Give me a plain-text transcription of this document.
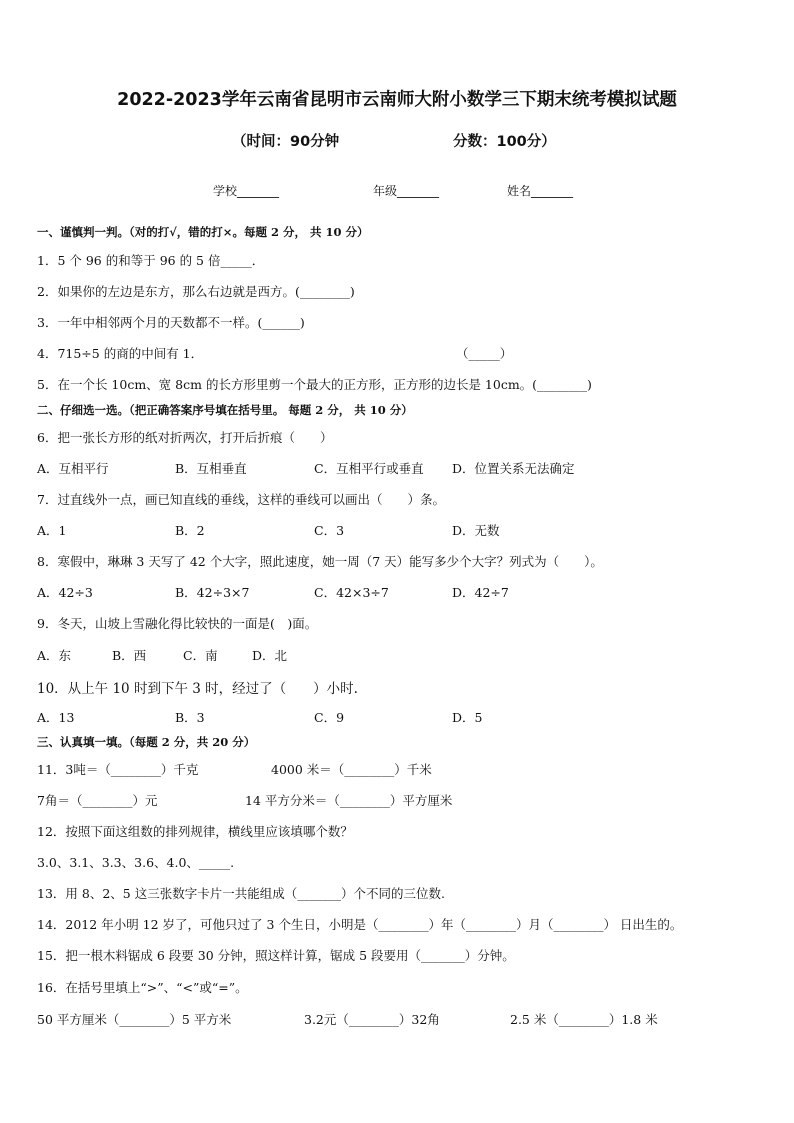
2022-2023学年云南省昆明市云南师大附小数学三下期末统考模拟试题
（时间：90分钟	分数：100分）
学校_______	年级_______	姓名_______
一、谨慎判一判。（对的打√，错的打×。每题 2 分， 共 10 分）
1．5 个 96 的和等于 96 的 5 倍_____．
2．如果你的左边是东方，那么右边就是西方。(________)
3．一年中相邻两个月的天数都不一样。(______)
4．715÷5 的商的中间有 1．	（_____）
5．在一个长 10cm、宽 8cm 的长方形里剪一个最大的正方形，正方形的边长是 10cm。(________)
二、仔细选一选。（把正确答案序号填在括号里。 每题 2 分， 共 10 分）
6．把一张长方形的纸对折两次，打开后折痕（　　）
A．互相平行	B．互相垂直	C．互相平行或垂直 D．位置关系无法确定
7．过直线外一点，画已知直线的垂线，这样的垂线可以画出（　　）条。
A．1	B．2	C．3	D．无数
8．寒假中，琳琳 3 天写了 42 个大字，照此速度，她一周（7 天）能写多少个大字？列式为（　　）。
A．42÷3	B．42÷3×7	C．42×3÷7	D．42÷7
9．冬天，山坡上雪融化得比较快的一面是(　)面。
A．东	B．西	C．南	D．北
10．从上午 10 时到下午 3 时，经过了（　　）小时.
A．13	B．3	C．9	D．5
三、认真填一填。（每题 2 分，共 20 分）
11．3吨＝（________）千克	4000 米＝（________）千米
7角＝（________）元	14 平方分米＝（________）平方厘米
12．按照下面这组数的排列规律，横线里应该填哪个数？
3.0、3.1、3.3、3.6、4.0、_____.
13．用 8、2、5 这三张数字卡片一共能组成（_______）个不同的三位数.
14．2012 年小明 12 岁了，可他只过了 3 个生日，小明是（________）年（________）月（________） 日出生的。
15．把一根木料锯成 6 段要 30 分钟，照这样计算，锯成 5 段要用（_______）分钟。
16．在括号里填上“>”、“<”或“=”。
50 平方厘米（________）5 平方米	3.2元（________）32角	2.5 米（________）1.8 米
